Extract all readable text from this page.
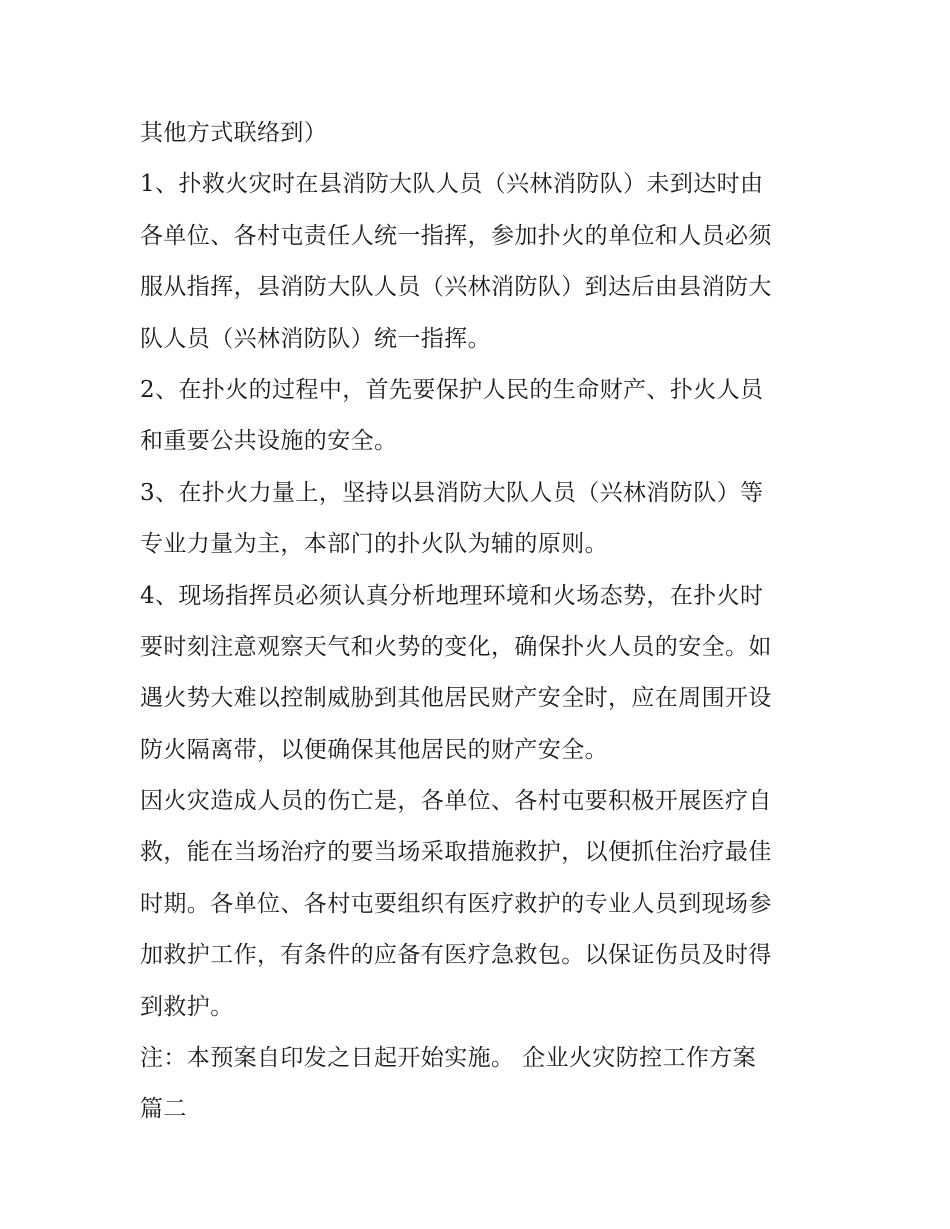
其他方式联络到）
1、扑救火灾时在县消防大队人员（兴林消防队）未到达时由
各单位、各村屯责任人统一指挥，参加扑火的单位和人员必须
服从指挥，县消防大队人员（兴林消防队）到达后由县消防大
队人员（兴林消防队）统一指挥。
2、在扑火的过程中，首先要保护人民的生命财产、扑火人员
和重要公共设施的安全。
3、在扑火力量上，坚持以县消防大队人员（兴林消防队）等
专业力量为主，本部门的扑火队为辅的原则。
4、现场指挥员必须认真分析地理环境和火场态势，在扑火时
要时刻注意观察天气和火势的变化，确保扑火人员的安全。如
遇火势大难以控制威胁到其他居民财产安全时，应在周围开设
防火隔离带，以便确保其他居民的财产安全。
因火灾造成人员的伤亡是，各单位、各村屯要积极开展医疗自
救，能在当场治疗的要当场采取措施救护，以便抓住治疗最佳
时期。各单位、各村屯要组织有医疗救护的专业人员到现场参
加救护工作，有条件的应备有医疗急救包。以保证伤员及时得
到救护。
注：本预案自印发之日起开始实施。 企业火灾防控工作方案
篇二
